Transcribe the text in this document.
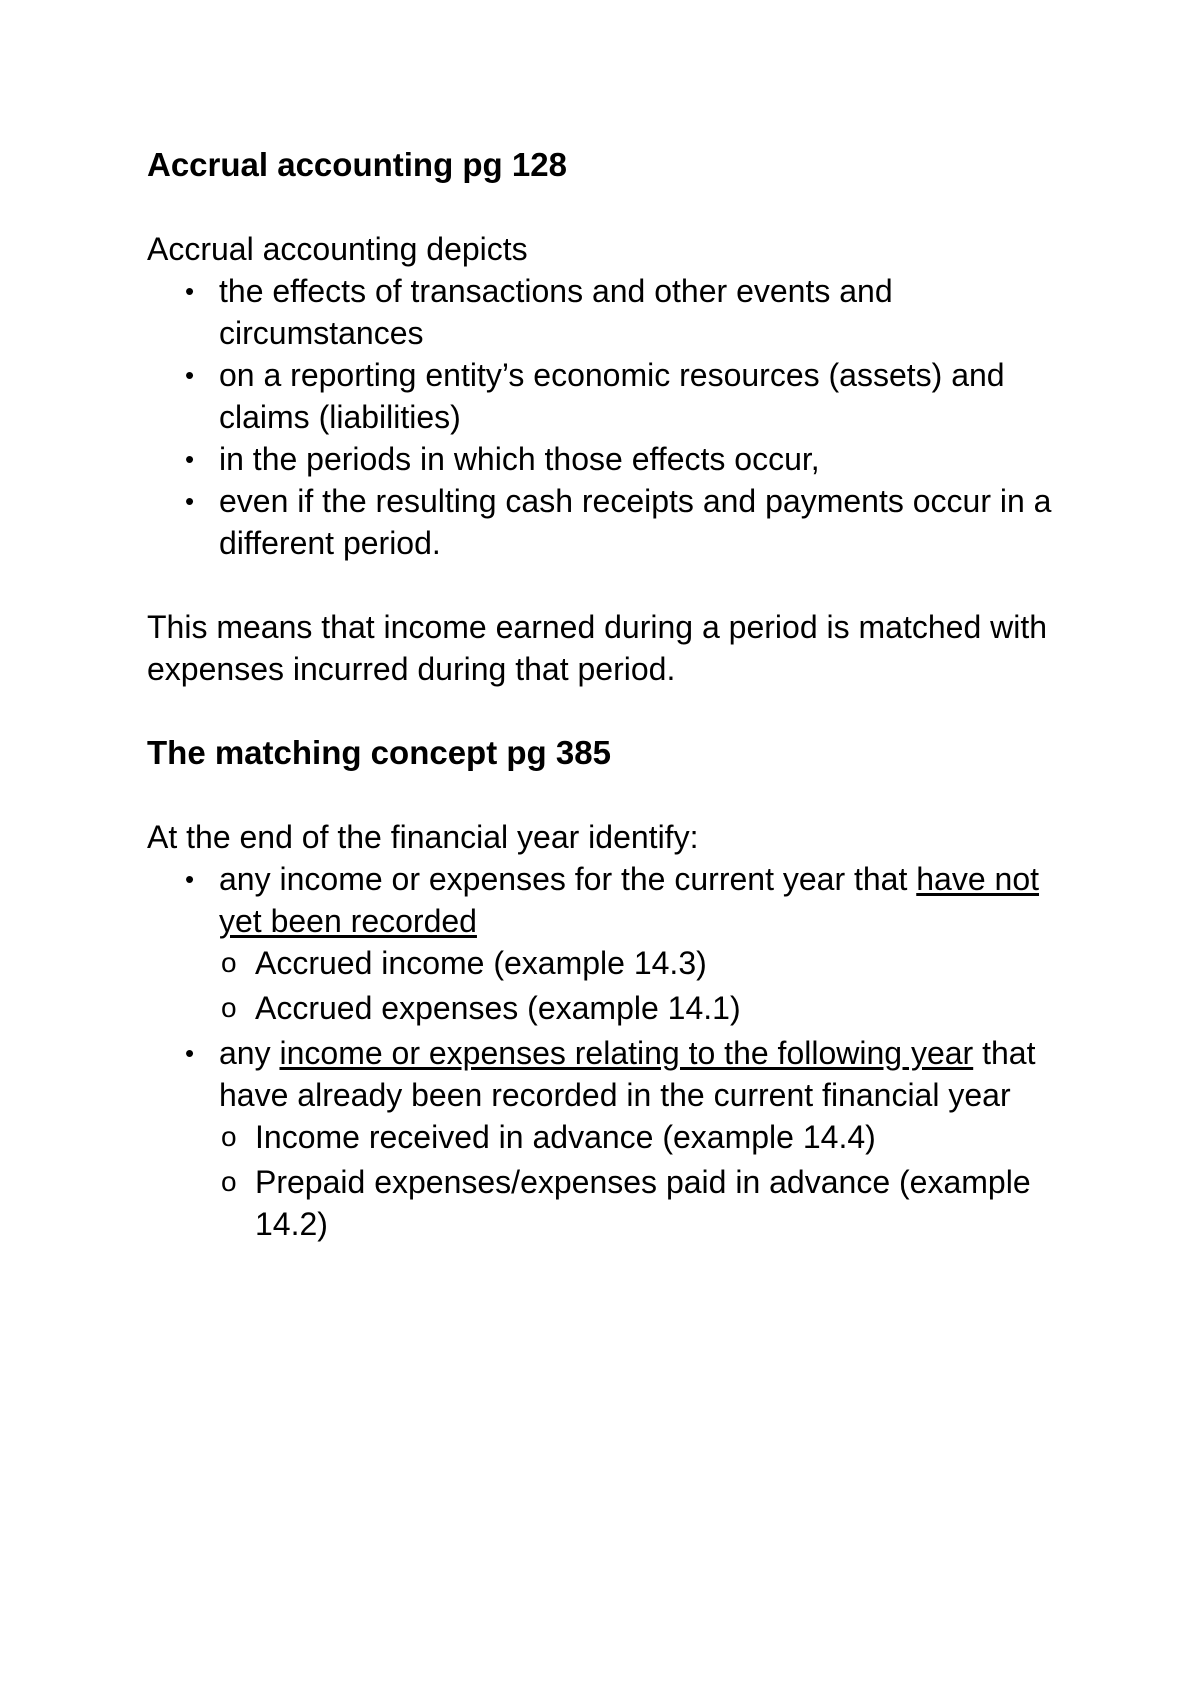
Accrual accounting pg 128

Accrual accounting depicts

• the effects of transactions and other events and circumstances
• on a reporting entity’s economic resources (assets) and claims (liabilities)
• in the periods in which those effects occur,
• even if the resulting cash receipts and payments occur in a different period.

This means that income earned during a period is matched with expenses incurred during that period.

The matching concept pg 385

At the end of the financial year identify:

• any income or expenses for the current year that have not yet been recorded
o Accrued income (example 14.3)
o Accrued expenses (example 14.1)
• any income or expenses relating to the following year that have already been recorded in the current financial year
o Income received in advance (example 14.4)
o Prepaid expenses/expenses paid in advance (example 14.2)
